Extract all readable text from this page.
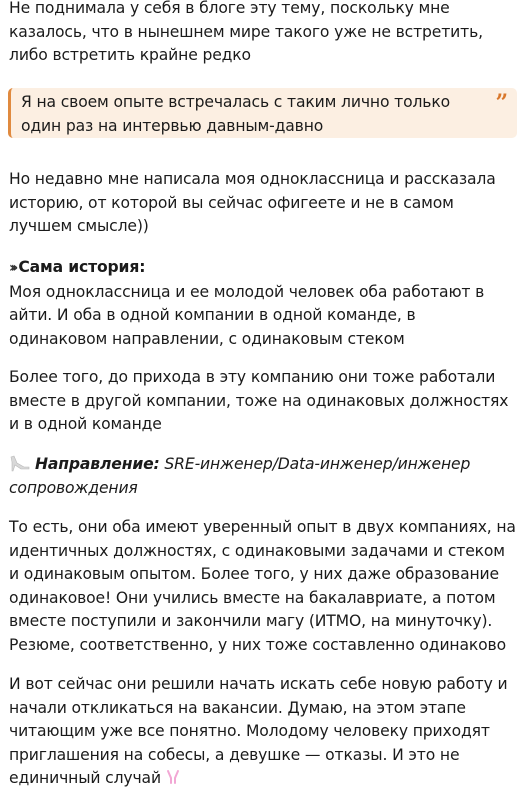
Не поднимала у себя в блоге эту тему, поскольку мне казалось, что в нынешнем мире такого уже не встретить, либо встретить крайне редко

Я на своем опыте встречалась с таким лично только один раз на интервью давным-давно
”

Но недавно мне написала моя одноклассница и рассказала историю, от которой вы сейчас офигеете и не в самом лучшем смысле))

››› Сама история:
Моя одноклассница и ее молодой человек оба работают в айти. И оба в одной компании в одной команде, в одинаковом направлении, с одинаковым стеком

Более того, до прихода в эту компанию они тоже работали вместе в другой компании, тоже на одинаковых должностях и в одной команде

Направление: SRE-инженер/Data-инженер/инженер сопровождения

То есть, они оба имеют уверенный опыт в двух компаниях, на идентичных должностях, с одинаковыми задачами и стеком и одинаковым опытом. Более того, у них даже образование одинаковое! Они учились вместе на бакалавриате, а потом вместе поступили и закончили магу (ИТМО, на минуточку). Резюме, соответственно, у них тоже составленно одинаково

И вот сейчас они решили начать искать себе новую работу и начали откликаться на вакансии. Думаю, на этом этапе читающим уже все понятно. Молодому человеку приходят приглашения на собесы, а девушке — отказы. И это не единичный случай
